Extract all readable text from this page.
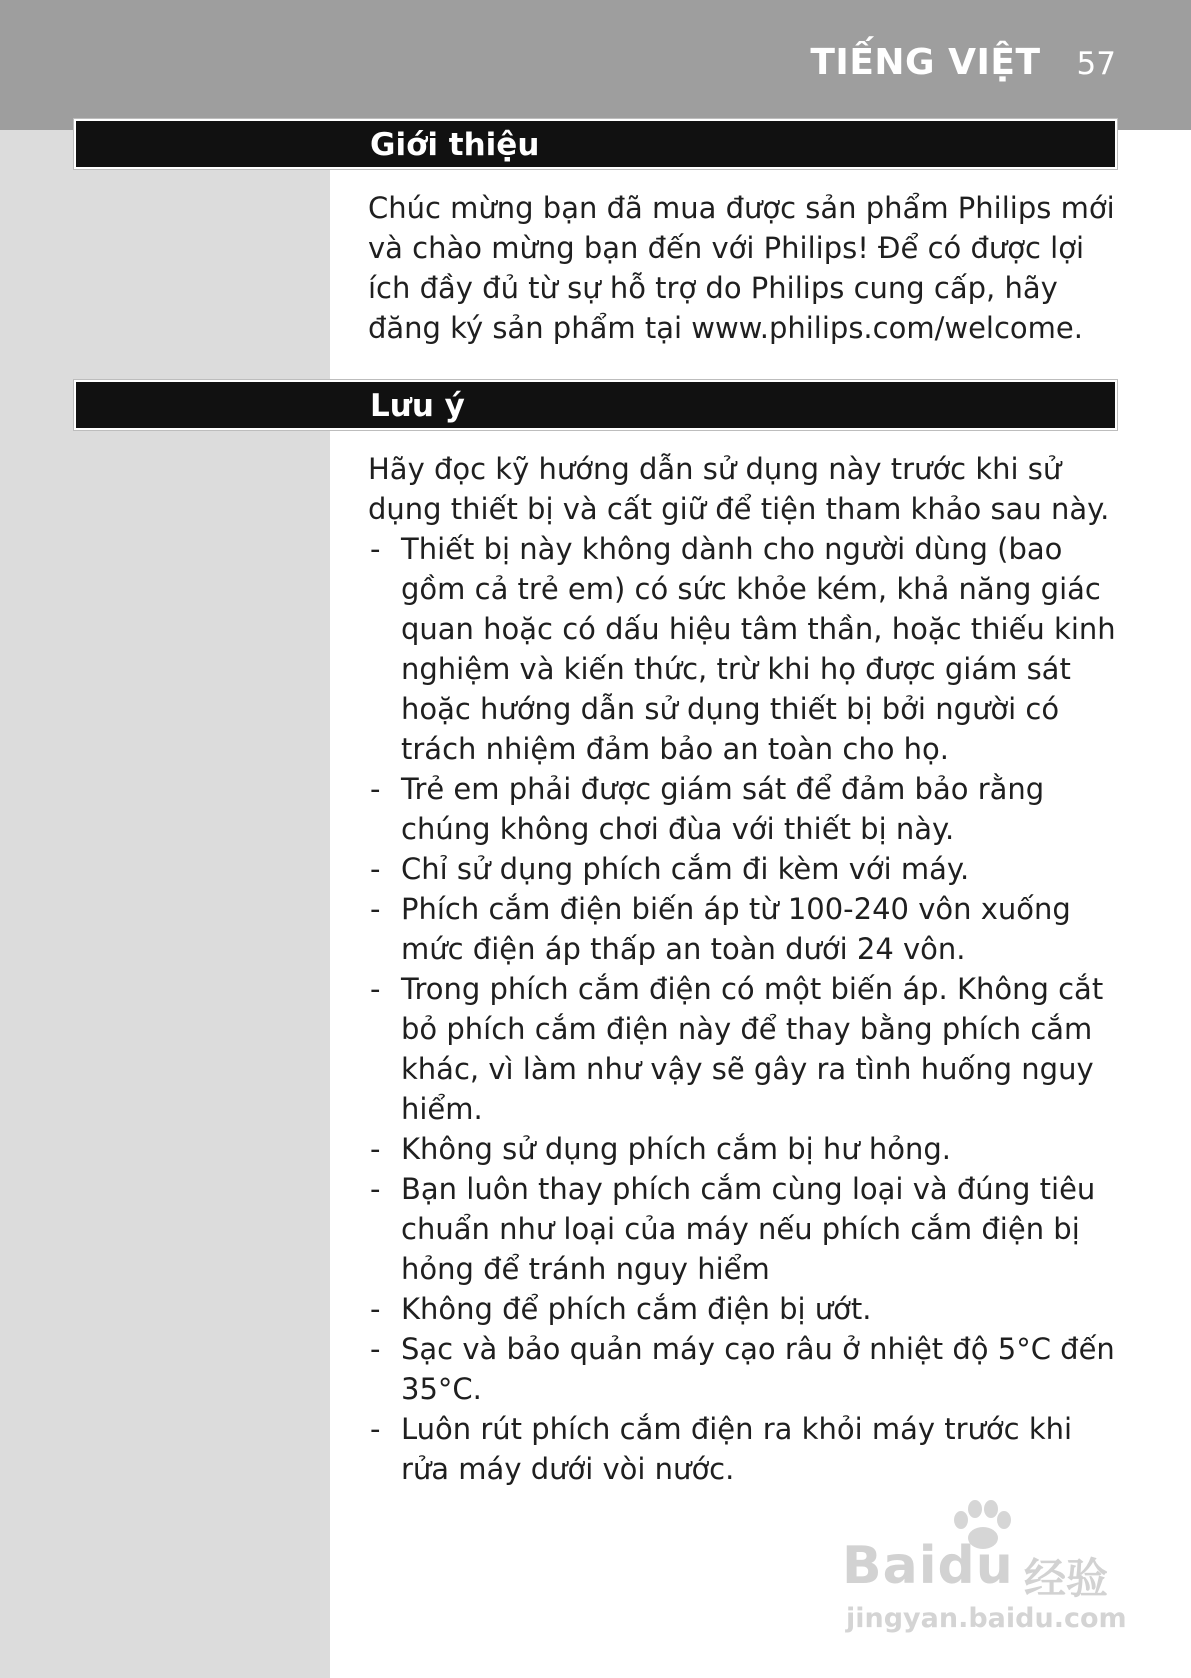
TIẾNG VIỆT 57
Giới thiệu

Chúc mừng bạn đã mua được sản phẩm Philips mới và chào mừng bạn đến với Philips! Để có được lợi ích đầy đủ từ sự hỗ trợ do Philips cung cấp, hãy đăng ký sản phẩm tại www.philips.com/welcome.

Lưu ý

Hãy đọc kỹ hướng dẫn sử dụng này trước khi sử dụng thiết bị và cất giữ để tiện tham khảo sau này.

- Thiết bị này không dành cho người dùng (bao gồm cả trẻ em) có sức khỏe kém, khả năng giác quan hoặc có dấu hiệu tâm thần, hoặc thiếu kinh nghiệm và kiến thức, trừ khi họ được giám sát hoặc hướng dẫn sử dụng thiết bị bởi người có trách nhiệm đảm bảo an toàn cho họ.
- Trẻ em phải được giám sát để đảm bảo rằng chúng không chơi đùa với thiết bị này.
- Chỉ sử dụng phích cắm đi kèm với máy.
- Phích cắm điện biến áp từ 100-240 vôn xuống mức điện áp thấp an toàn dưới 24 vôn.
- Trong phích cắm điện có một biến áp. Không cắt bỏ phích cắm điện này để thay bằng phích cắm khác, vì làm như vậy sẽ gây ra tình huống nguy hiểm.
- Không sử dụng phích cắm bị hư hỏng.
- Bạn luôn thay phích cắm cùng loại và đúng tiêu chuẩn như loại của máy nếu phích cắm điện bị hỏng để tránh nguy hiểm
- Không để phích cắm điện bị ướt.
- Sạc và bảo quản máy cạo râu ở nhiệt độ 5°C đến 35°C.
- Luôn rút phích cắm điện ra khỏi máy trước khi rửa máy dưới vòi nước.
Baidu 经验
jingyan.baidu.com
